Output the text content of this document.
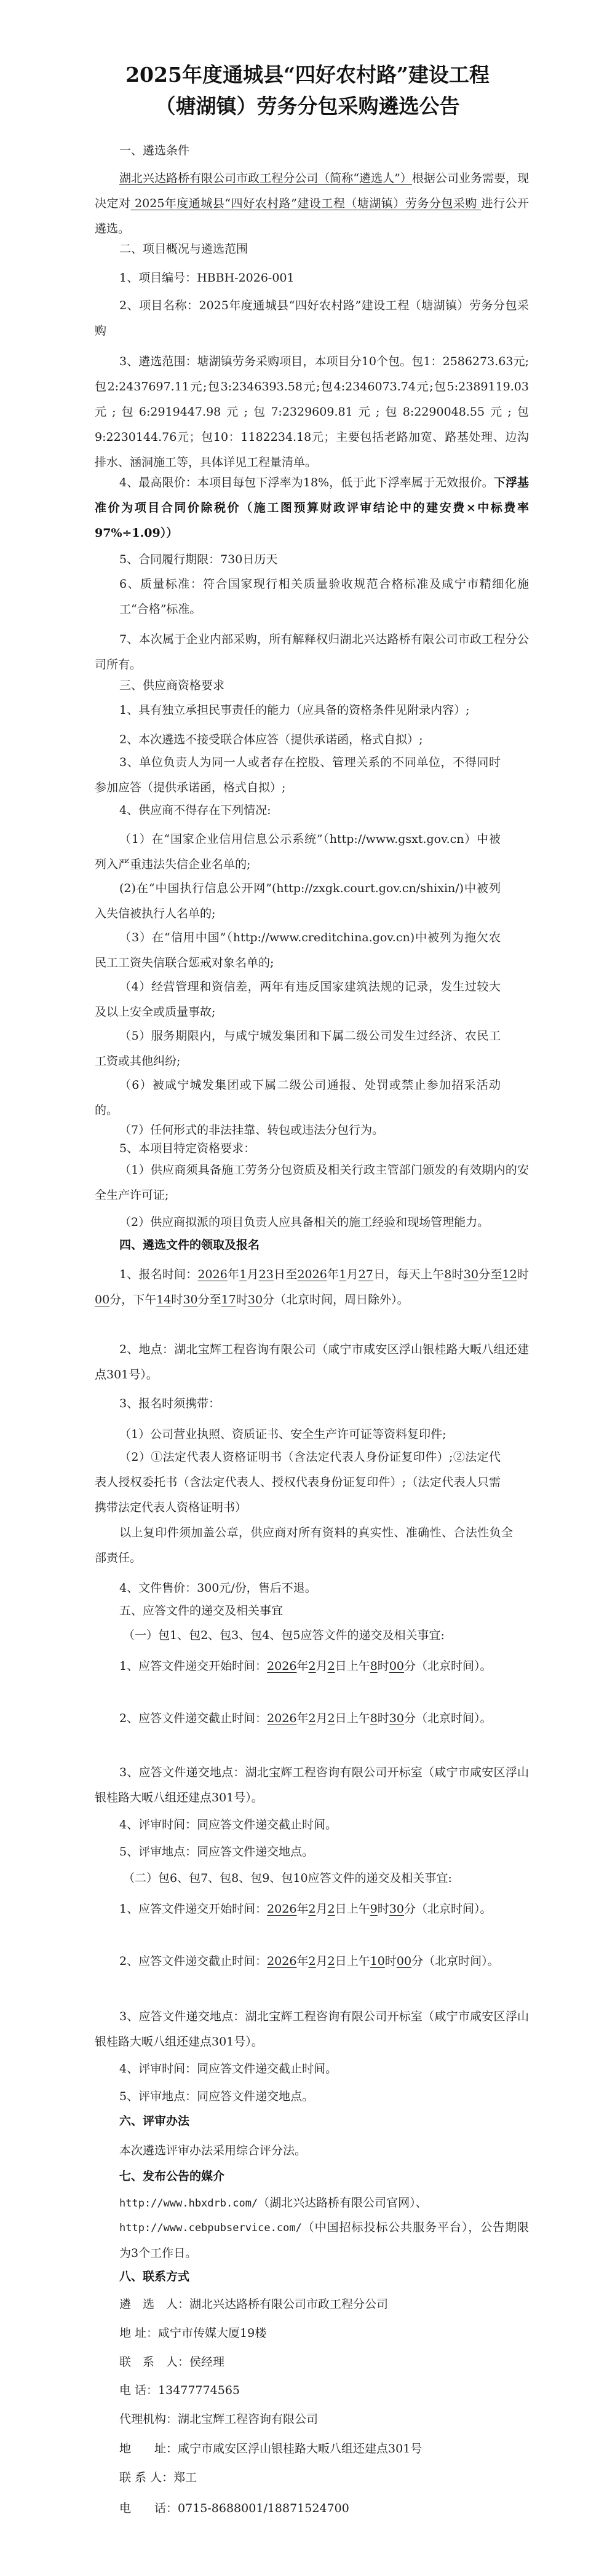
2025年度通城县“四好农村路”建设工程
（塘湖镇）劳务分包采购遴选公告
一、遴选条件
湖北兴达路桥有限公司市政工程分公司（简称“遴选人”）根据公司业务需要，现决定对 2025年度通城县“四好农村路”建设工程（塘湖镇）劳务分包采购 进行公开遴选。
二、项目概况与遴选范围
1、项目编号：HBBH-2026-001
2、项目名称：2025年度通城县“四好农村路”建设工程（塘湖镇）劳务分包采购
3、遴选范围：塘湖镇劳务采购项目，本项目分10个包。包1：2586273.63元;包2:2437697.11元;包3:2346393.58元;包4:2346073.74元;包5:2389119.03元;包6:2919447.98元;包7:2329609.81元;包8:2290048.55元;包9:2230144.76元；包10：1182234.18元；主要包括老路加宽、路基处理、边沟排水、涵洞施工等，具体详见工程量清单。
4、最高限价：本项目每包下浮率为18%，低于此下浮率属于无效报价。下浮基准价为项目合同价除税价（施工图预算财政评审结论中的建安费×中标费率97%÷1.09））
5、合同履行期限：730日历天
6、质量标准：符合国家现行相关质量验收规范合格标准及咸宁市精细化施工“合格”标准。
7、本次属于企业内部采购，所有解释权归湖北兴达路桥有限公司市政工程分公司所有。
三、供应商资格要求
1、具有独立承担民事责任的能力（应具备的资格条件见附录内容）;
2、本次遴选不接受联合体应答（提供承诺函，格式自拟）;
3、单位负责人为同一人或者存在控股、管理关系的不同单位，不得同时参加应答（提供承诺函，格式自拟）;
4、供应商不得存在下列情况:
（1）在“国家企业信用信息公示系统”（http://www.gsxt.gov.cn）中被列入严重违法失信企业名单的;
(2)在“中国执行信息公开网”(http://zxgk.court.gov.cn/shixin/)中被列入失信被执行人名单的;
（3）在“信用中国”（http://www.creditchina.gov.cn)中被列为拖欠农民工工资失信联合惩戒对象名单的;
（4）经营管理和资信差，两年有违反国家建筑法规的记录，发生过较大及以上安全或质量事故;
（5）服务期限内，与咸宁城发集团和下属二级公司发生过经济、农民工工资或其他纠纷;
（6）被咸宁城发集团或下属二级公司通报、处罚或禁止参加招采活动的。
（7）任何形式的非法挂靠、转包或违法分包行为。
5、本项目特定资格要求：
（1）供应商须具备施工劳务分包资质及相关行政主管部门颁发的有效期内的安全生产许可证;
（2）供应商拟派的项目负责人应具备相关的施工经验和现场管理能力。
四、遴选文件的领取及报名
1、报名时间：2026年1月23日至2026年1月27日，每天上午8时30分至12时00分，下午14时30分至17时30分（北京时间，周日除外）。
2、地点：湖北宝辉工程咨询有限公司（咸宁市咸安区浮山银桂路大畈八组还建点301号）。
3、报名时须携带：
（1）公司营业执照、资质证书、安全生产许可证等资料复印件;
（2）①法定代表人资格证明书（含法定代表人身份证复印件）;②法定代表人授权委托书（含法定代表人、授权代表身份证复印件）;（法定代表人只需携带法定代表人资格证明书）
以上复印件须加盖公章，供应商对所有资料的真实性、准确性、合法性负全部责任。
4、文件售价：300元/份，售后不退。
五、应答文件的递交及相关事宜
（一）包1、包2、包3、包4、包5应答文件的递交及相关事宜:
1、应答文件递交开始时间：2026年2月2日上午8时00分（北京时间）。
2、应答文件递交截止时间：2026年2月2日上午8时30分（北京时间）。
3、应答文件递交地点：湖北宝辉工程咨询有限公司开标室（咸宁市咸安区浮山银桂路大畈八组还建点301号）。
4、评审时间：同应答文件递交截止时间。
5、评审地点：同应答文件递交地点。
（二）包6、包7、包8、包9、包10应答文件的递交及相关事宜:
1、应答文件递交开始时间：2026年2月2日上午9时30分（北京时间）。
2、应答文件递交截止时间：2026年2月2日上午10时00分（北京时间）。
3、应答文件递交地点：湖北宝辉工程咨询有限公司开标室（咸宁市咸安区浮山银桂路大畈八组还建点301号）。
4、评审时间：同应答文件递交截止时间。
5、评审地点：同应答文件递交地点。
六、评审办法
本次遴选评审办法采用综合评分法。
七、发布公告的媒介
http://www.hbxdrb.com/（湖北兴达路桥有限公司官网）、
http://www.cebpubservice.com/（中国招标投标公共服务平台），公告期限为3个工作日。
八、联系方式
遴　选　人：湖北兴达路桥有限公司市政工程分公司
地 址：咸宁市传媒大厦19楼
联　系　人：侯经理
电 话：13477774565
代理机构：湖北宝辉工程咨询有限公司
地　　址：咸宁市咸安区浮山银桂路大畈八组还建点301号
联 系 人：郑工
电　　话：0715-8688001/18871524700
